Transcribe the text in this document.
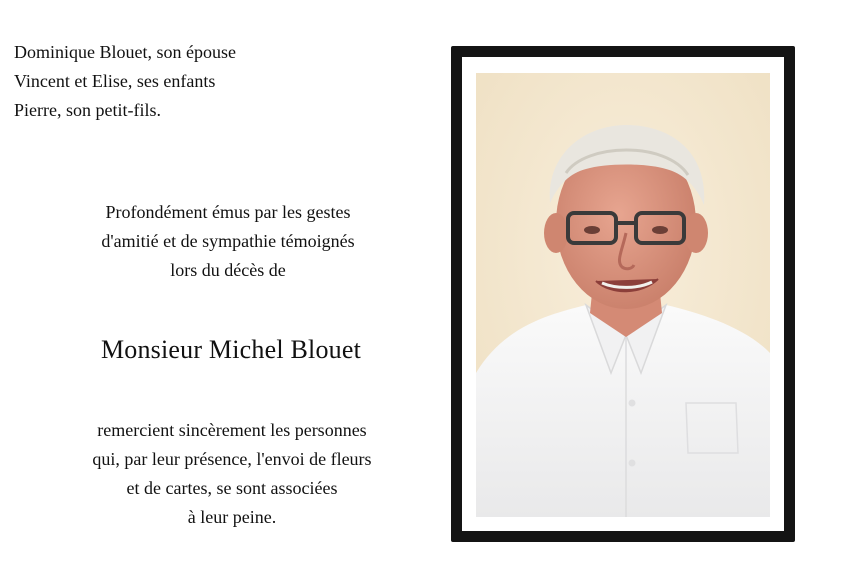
Dominique Blouet, son épouse
Vincent et Elise, ses enfants
Pierre, son petit-fils.
Profondément émus par les gestes
d'amitié et de sympathie témoignés
lors du décès de
Monsieur Michel Blouet
remercient sincèrement les personnes
qui, par leur présence, l'envoi de fleurs
et de cartes, se sont associées
à leur peine.
